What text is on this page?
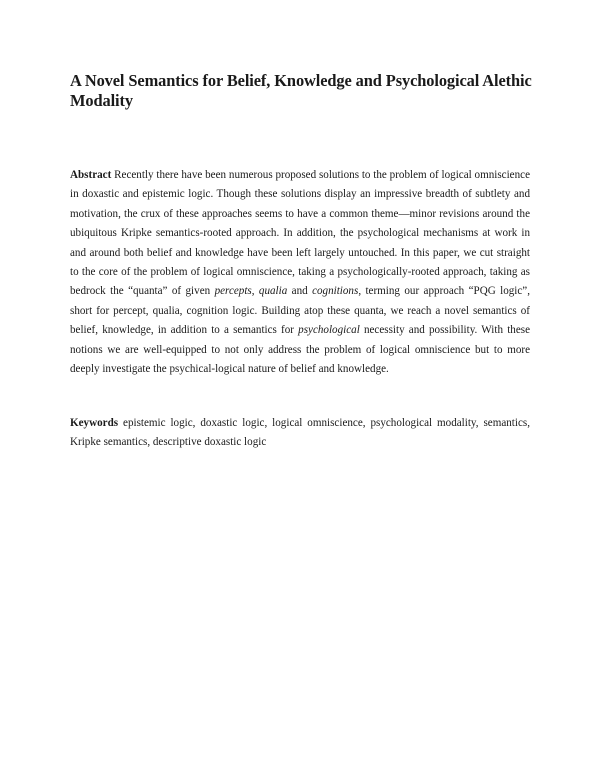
A Novel Semantics for Belief, Knowledge and Psychological Alethic Modality

Abstract Recently there have been numerous proposed solutions to the problem of logical omniscience in doxastic and epistemic logic. Though these solutions display an impressive breadth of subtlety and motivation, the crux of these approaches seems to have a common theme—minor revisions around the ubiquitous Kripke semantics-rooted approach. In addition, the psychological mechanisms at work in and around both belief and knowledge have been left largely untouched. In this paper, we cut straight to the core of the problem of logical omniscience, taking a psychologically-rooted approach, taking as bedrock the “quanta” of given percepts, qualia and cognitions, terming our approach “PQG logic”, short for percept, qualia, cognition logic. Building atop these quanta, we reach a novel semantics of belief, knowledge, in addition to a semantics for psychological necessity and possibility. With these notions we are well-equipped to not only address the problem of logical omniscience but to more deeply investigate the psychical-logical nature of belief and knowledge.

Keywords epistemic logic, doxastic logic, logical omniscience, psychological modality, semantics, Kripke semantics, descriptive doxastic logic
